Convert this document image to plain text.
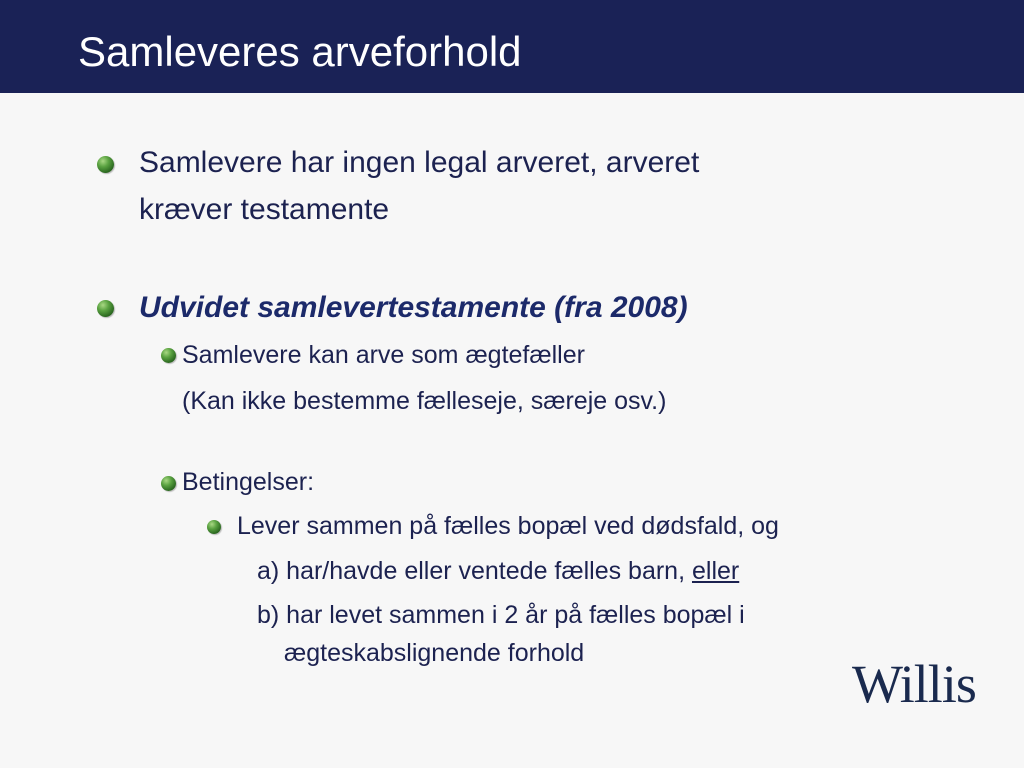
Samleveres arveforhold
Samlevere har ingen legal arveret, arveret
kræver testamente
Udvidet samlevertestamente (fra 2008)
Samlevere kan arve som ægtefæller
(Kan ikke bestemme fælleseje, særeje osv.)
Betingelser:
Lever sammen på fælles bopæl ved dødsfald, og
a) har/havde eller ventede fælles barn, eller
b) har levet sammen i 2 år på fælles bopæl i
ægteskabslignende forhold
Willis
